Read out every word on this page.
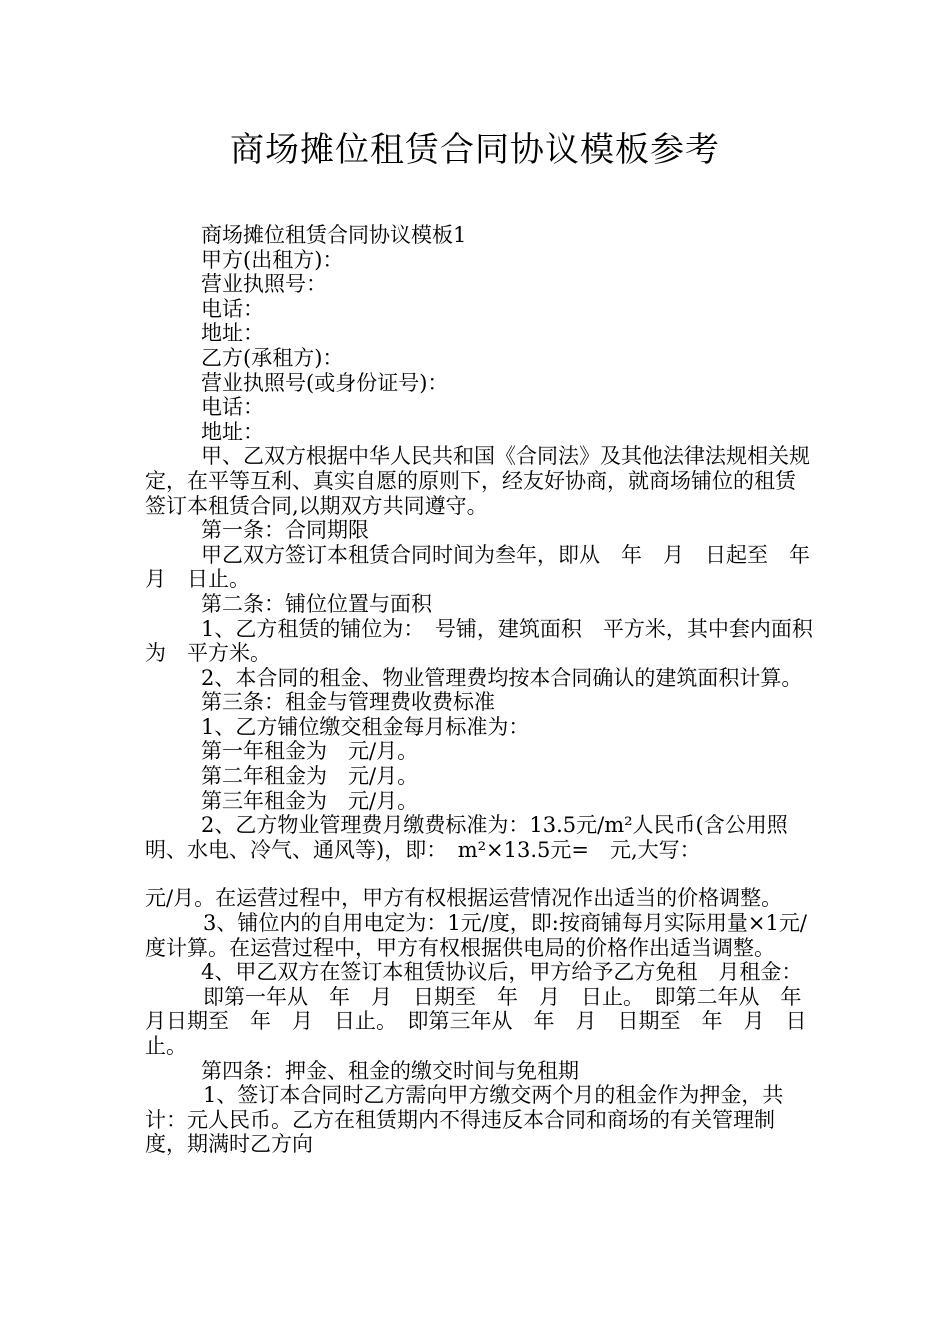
商场摊位租赁合同协议模板参考

商场摊位租赁合同协议模板1

甲方(出租方)：

营业执照号：

电话：

地址：

乙方(承租方)：

营业执照号(或身份证号)：

电话：

地址：

甲、乙双方根据中华人民共和国《合同法》及其他法律法规相关规定，在平等互利、真实自愿的原则下，经友好协商，就商场铺位的租赁签订本租赁合同,以期双方共同遵守。

第一条：合同期限

甲乙双方签订本租赁合同时间为叁年，即从　年　月　日起至　年　月　日止。

第二条：铺位位置与面积

1、乙方租赁的铺位为：　号铺，建筑面积　平方米，其中套内面积为　平方米。

2、本合同的租金、物业管理费均按本合同确认的建筑面积计算。

第三条：租金与管理费收费标准

1、乙方铺位缴交租金每月标准为：

第一年租金为　元/月。

第二年租金为　元/月。

第三年租金为　元/月。

2、乙方物业管理费月缴费标准为：13.5元/m²人民币(含公用照明、水电、冷气、通风等)，即：　m²×13.5元=　元,大写：

元/月。在运营过程中，甲方有权根据运营情况作出适当的价格调整。

3、铺位内的自用电定为：1元/度，即:按商铺每月实际用量×1元/度计算。在运营过程中，甲方有权根据供电局的价格作出适当调整。

4、甲乙双方在签订本租赁协议后，甲方给予乙方免租　月租金：

即第一年从　年　月　日期至　年　月　日止。　即第二年从　年　月日期至　年　月　日止。　即第三年从　年　月　日期至　年　月　日止。

第四条：押金、租金的缴交时间与免租期

1、签订本合同时乙方需向甲方缴交两个月的租金作为押金，共计：元人民币。乙方在租赁期内不得违反本合同和商场的有关管理制度，期满时乙方向
